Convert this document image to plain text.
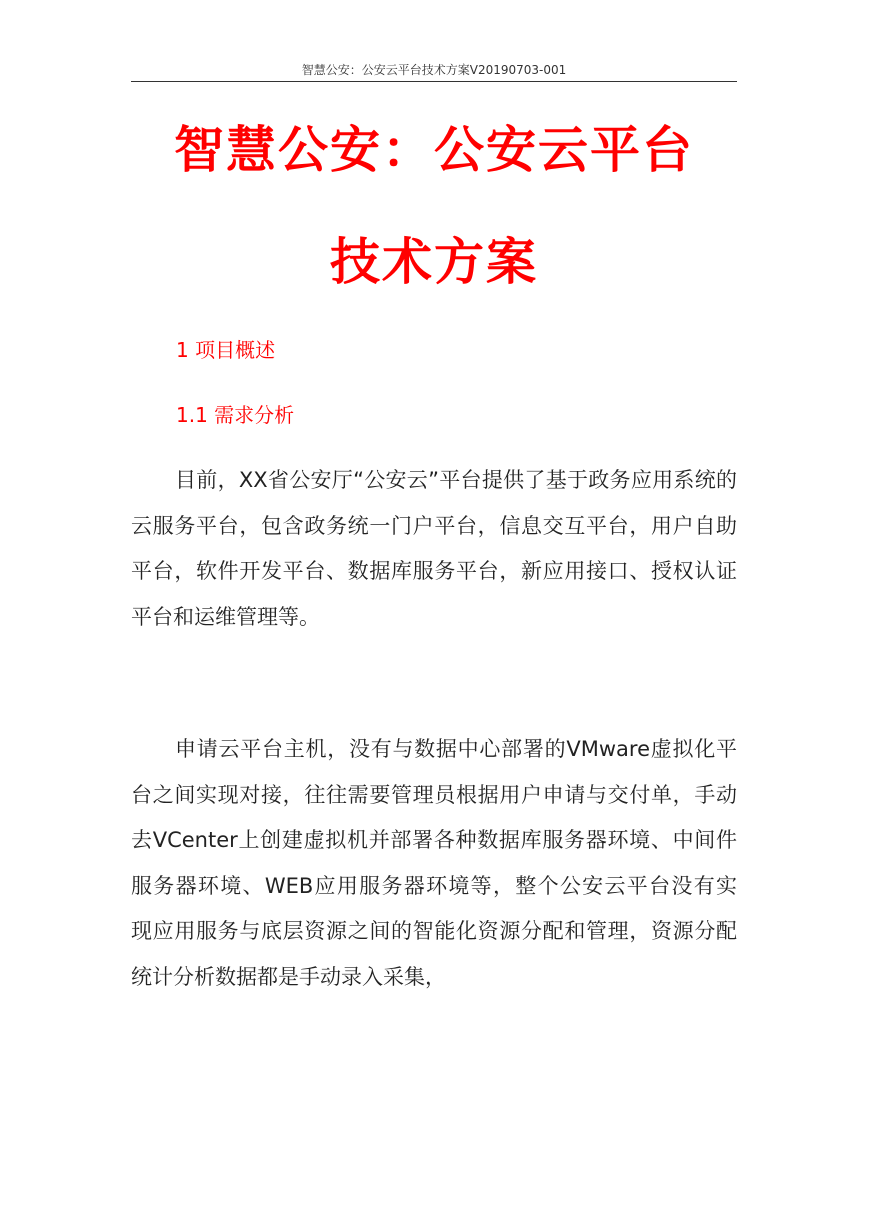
智慧公安：公安云平台技术方案V20190703-001
智慧公安：公安云平台
技术方案
1 项目概述
1.1 需求分析
目前，XX省公安厅“公安云”平台提供了基于政务应用系统的
云服务平台，包含政务统一门户平台，信息交互平台，用户自助
平台，软件开发平台、数据库服务平台，新应用接口、授权认证
平台和运维管理等。
申请云平台主机，没有与数据中心部署的VMware虚拟化平
台之间实现对接，往往需要管理员根据用户申请与交付单，手动
去VCenter上创建虚拟机并部署各种数据库服务器环境、中间件
服务器环境、WEB应用服务器环境等，整个公安云平台没有实
现应用服务与底层资源之间的智能化资源分配和管理，资源分配
统计分析数据都是手动录入采集，
